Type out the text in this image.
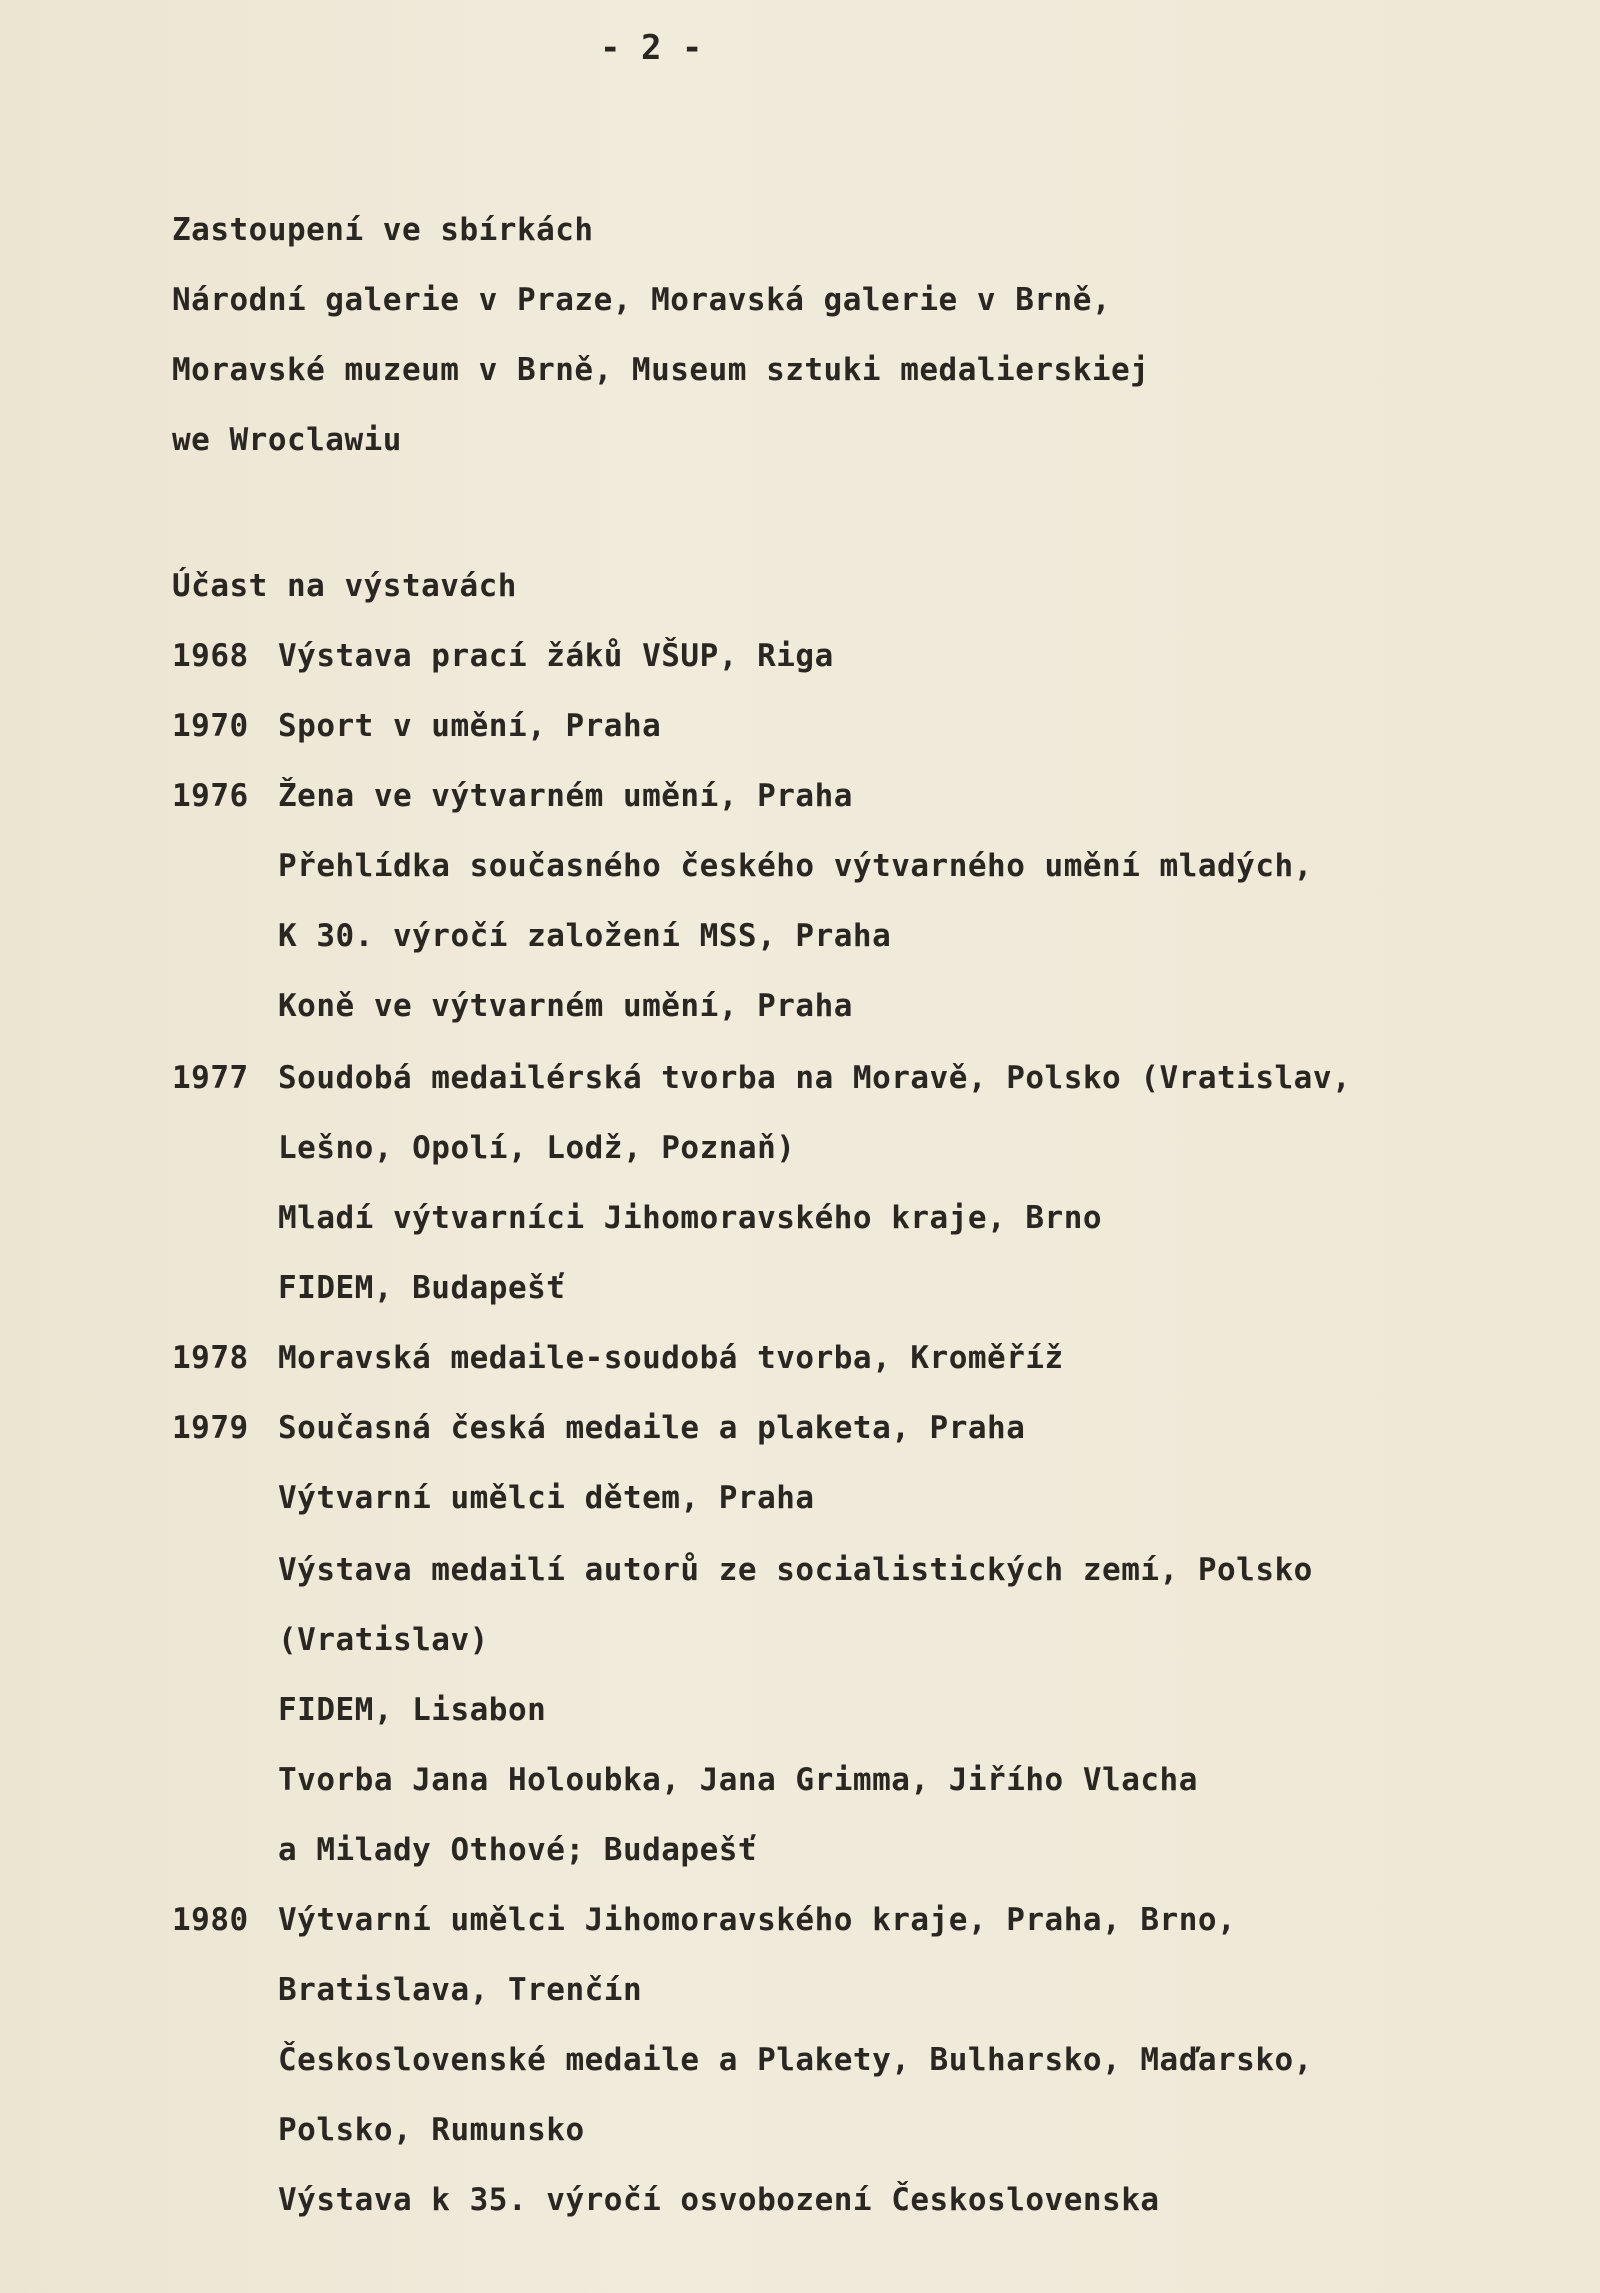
- 2 -
Zastoupení ve sbírkách
Národní galerie v Praze, Moravská galerie v Brně,
Moravské muzeum v Brně, Museum sztuki medalierskiej
we Wroclawiu
Účast na výstavách
1968 Výstava prací žáků VŠUP, Riga
1970 Sport v umění, Praha
1976 Žena ve výtvarném umění, Praha
Přehlídka současného českého výtvarného umění mladých,
K 30. výročí založení MSS, Praha
Koně ve výtvarném umění, Praha
1977 Soudobá medailérská tvorba na Moravě, Polsko (Vratislav,
Lešno, Opolí, Lodž, Poznaň)
Mladí výtvarníci Jihomoravského kraje, Brno
FIDEM, Budapešť
1978 Moravská medaile-soudobá tvorba, Kroměříž
1979 Současná česká medaile a plaketa, Praha
Výtvarní umělci dětem, Praha
Výstava medailí autorů ze socialistických zemí, Polsko
(Vratislav)
FIDEM, Lisabon
Tvorba Jana Holoubka, Jana Grimma, Jiřího Vlacha
a Milady Othové; Budapešť
1980 Výtvarní umělci Jihomoravského kraje, Praha, Brno,
Bratislava, Trenčín
Československé medaile a Plakety, Bulharsko, Maďarsko,
Polsko, Rumunsko
Výstava k 35. výročí osvobození Československa
